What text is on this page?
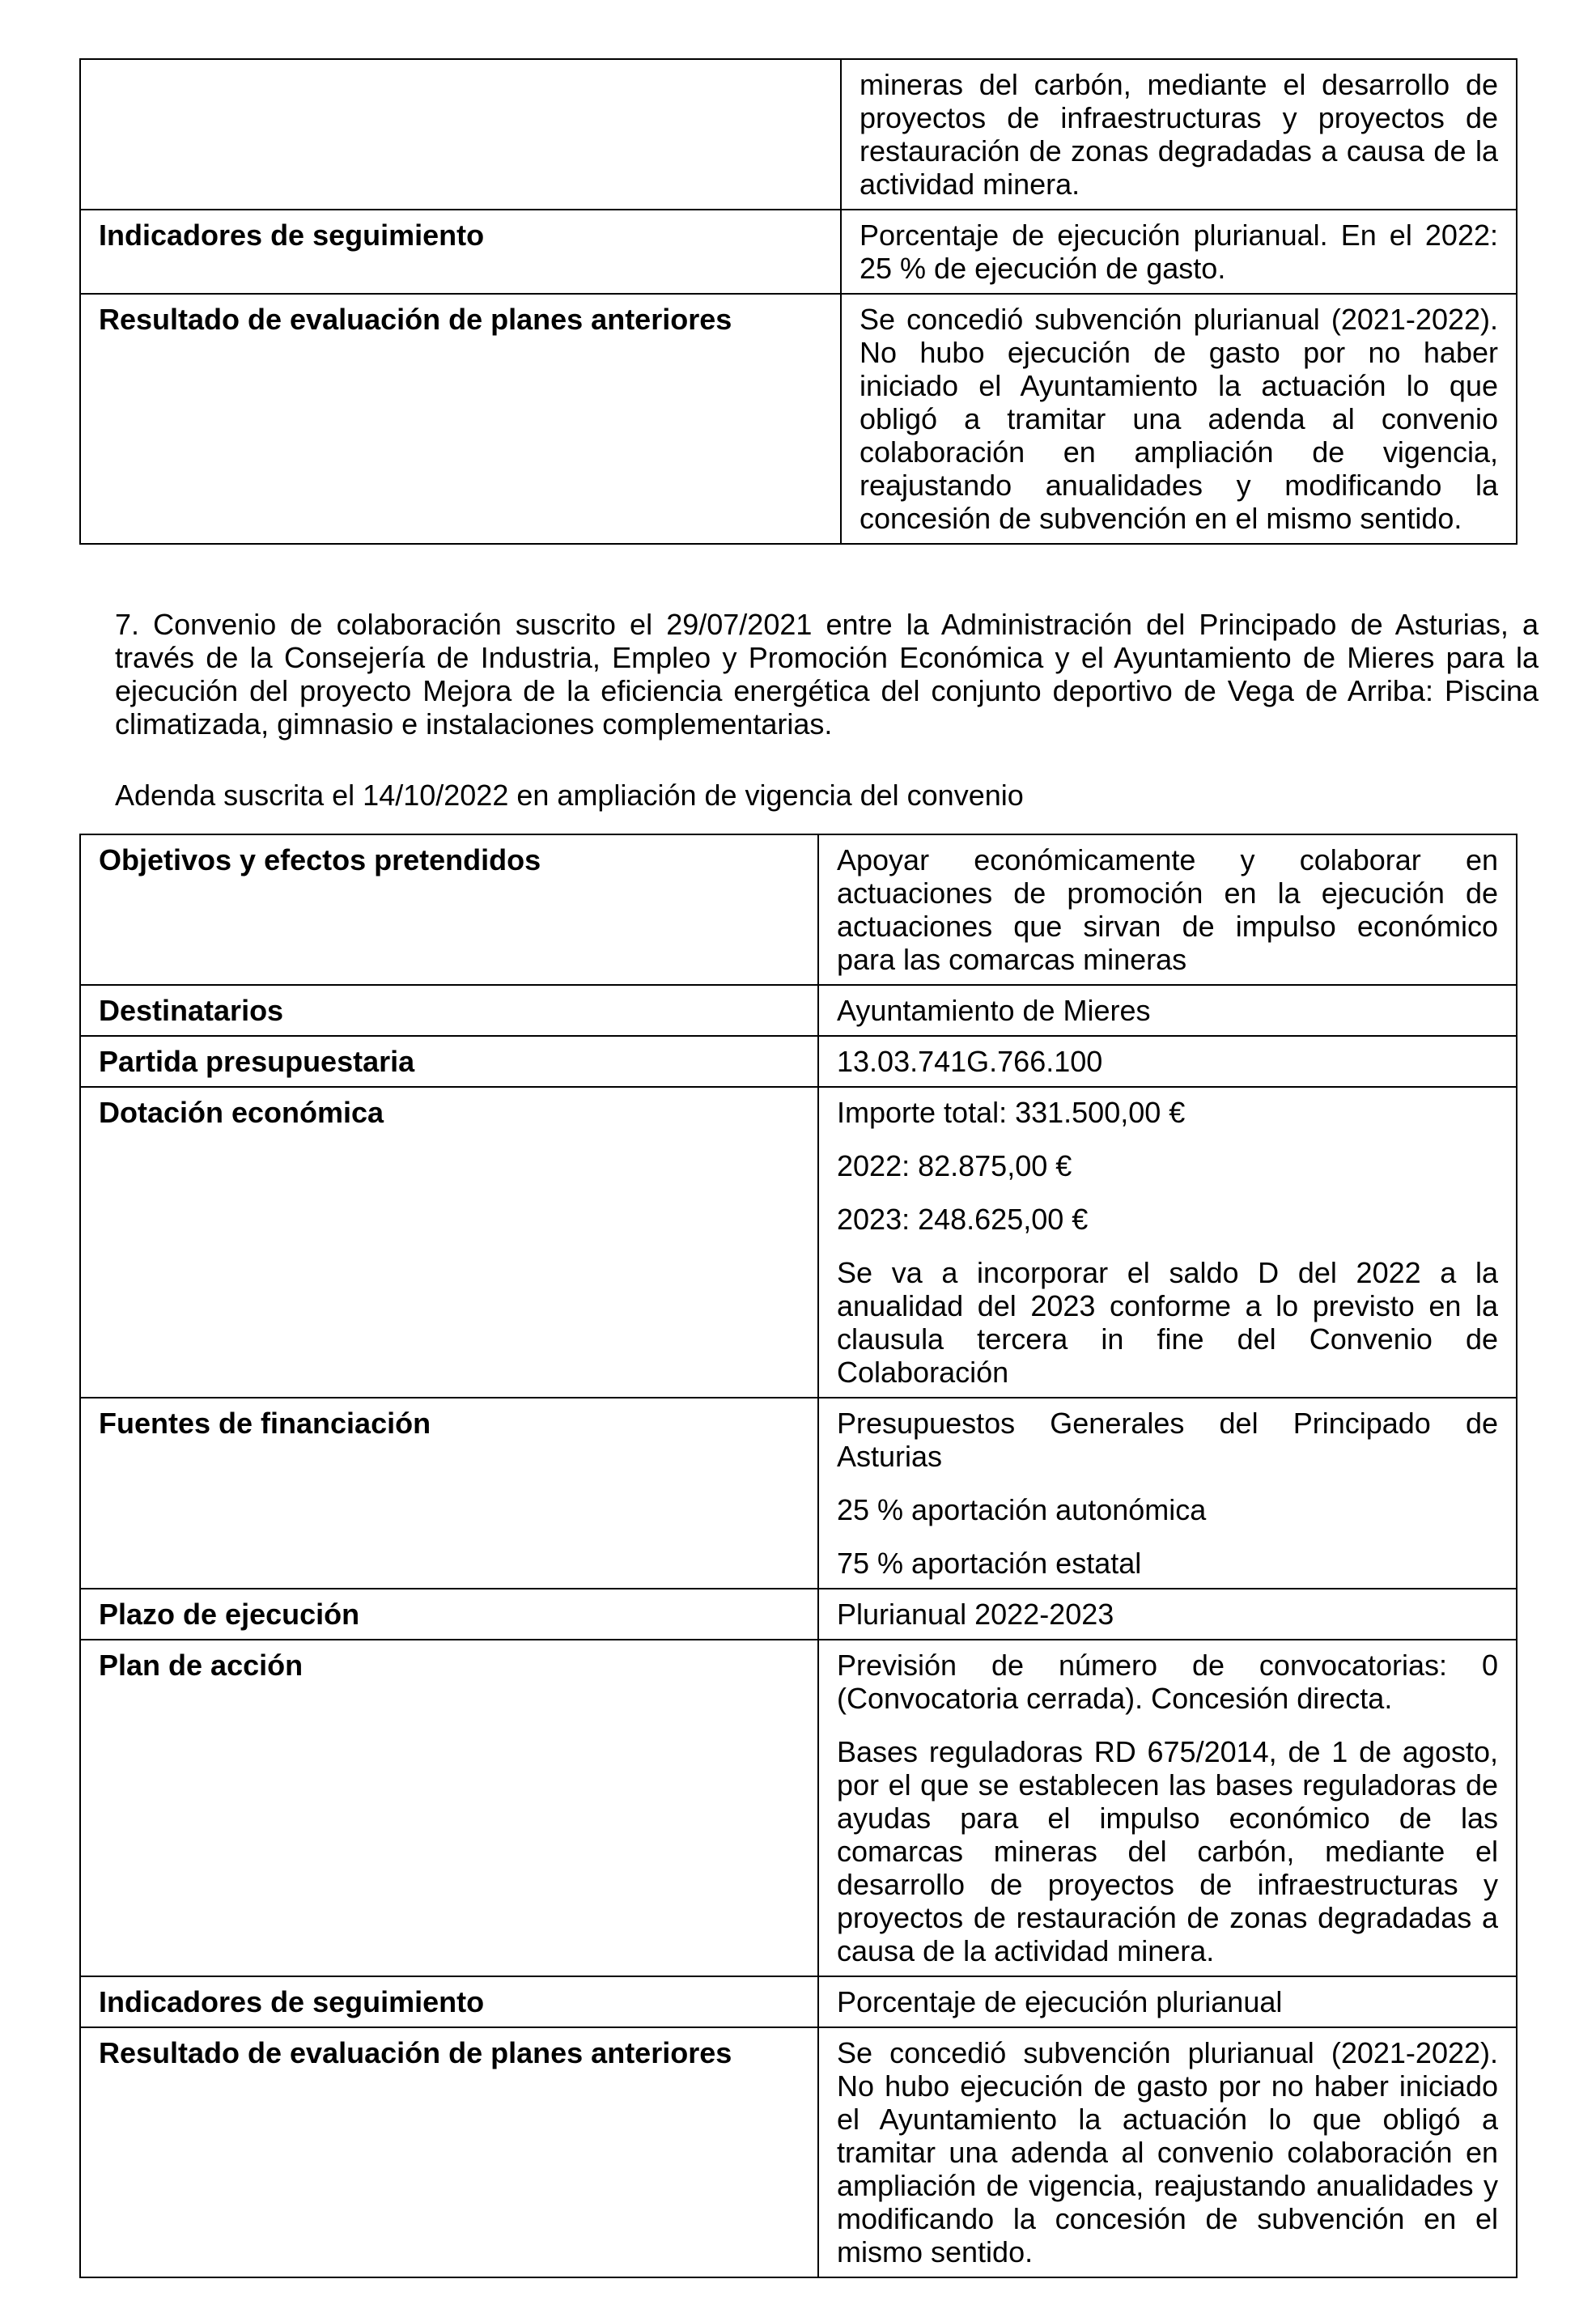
	mineras del carbón, mediante el desarrollo de proyectos de infraestructuras y proyectos de restauración de zonas degradadas a causa de la actividad minera.

Indicadores de seguimiento	Porcentaje de ejecución plurianual. En el 2022: 25 % de ejecución de gasto.

Resultado de evaluación de planes anteriores	Se concedió subvención plurianual (2021-2022). No hubo ejecución de gasto por no haber iniciado el Ayuntamiento la actuación lo que obligó a tramitar una adenda al convenio colaboración en ampliación de vigencia, reajustando anualidades y modificando la concesión de subvención en el mismo sentido.

7. Convenio de colaboración suscrito el 29/07/2021 entre la Administración del Principado de Asturias, a través de la Consejería de Industria, Empleo y Promoción Económica y el Ayuntamiento de Mieres para la ejecución del proyecto Mejora de la eficiencia energética del conjunto deportivo de Vega de Arriba: Piscina climatizada, gimnasio e instalaciones complementarias.

Adenda suscrita el 14/10/2022 en ampliación de vigencia del convenio

Objetivos y efectos pretendidos	Apoyar económicamente y colaborar en actuaciones de promoción en la ejecución de actuaciones que sirvan de impulso económico para las comarcas mineras

Destinatarios	Ayuntamiento de Mieres

Partida presupuestaria	13.03.741G.766.100

Dotación económica	Importe total: 331.500,00 €

2022: 82.875,00 €

2023: 248.625,00 €

Se va a incorporar el saldo D del 2022 a la anualidad del 2023 conforme a lo previsto en la clausula tercera in fine del Convenio de Colaboración

Fuentes de financiación	Presupuestos Generales del Principado de Asturias

25 % aportación autonómica

75 % aportación estatal

Plazo de ejecución	Plurianual 2022-2023

Plan de acción	Previsión de número de convocatorias: 0 (Convocatoria cerrada). Concesión directa.

Bases reguladoras RD 675/2014, de 1 de agosto, por el que se establecen las bases reguladoras de ayudas para el impulso económico de las comarcas mineras del carbón, mediante el desarrollo de proyectos de infraestructuras y proyectos de restauración de zonas degradadas a causa de la actividad minera.

Indicadores de seguimiento	Porcentaje de ejecución plurianual

Resultado de evaluación de planes anteriores	Se concedió subvención plurianual (2021-2022). No hubo ejecución de gasto por no haber iniciado el Ayuntamiento la actuación lo que obligó a tramitar una adenda al convenio colaboración en ampliación de vigencia, reajustando anualidades y modificando la concesión de subvención en el mismo sentido.
